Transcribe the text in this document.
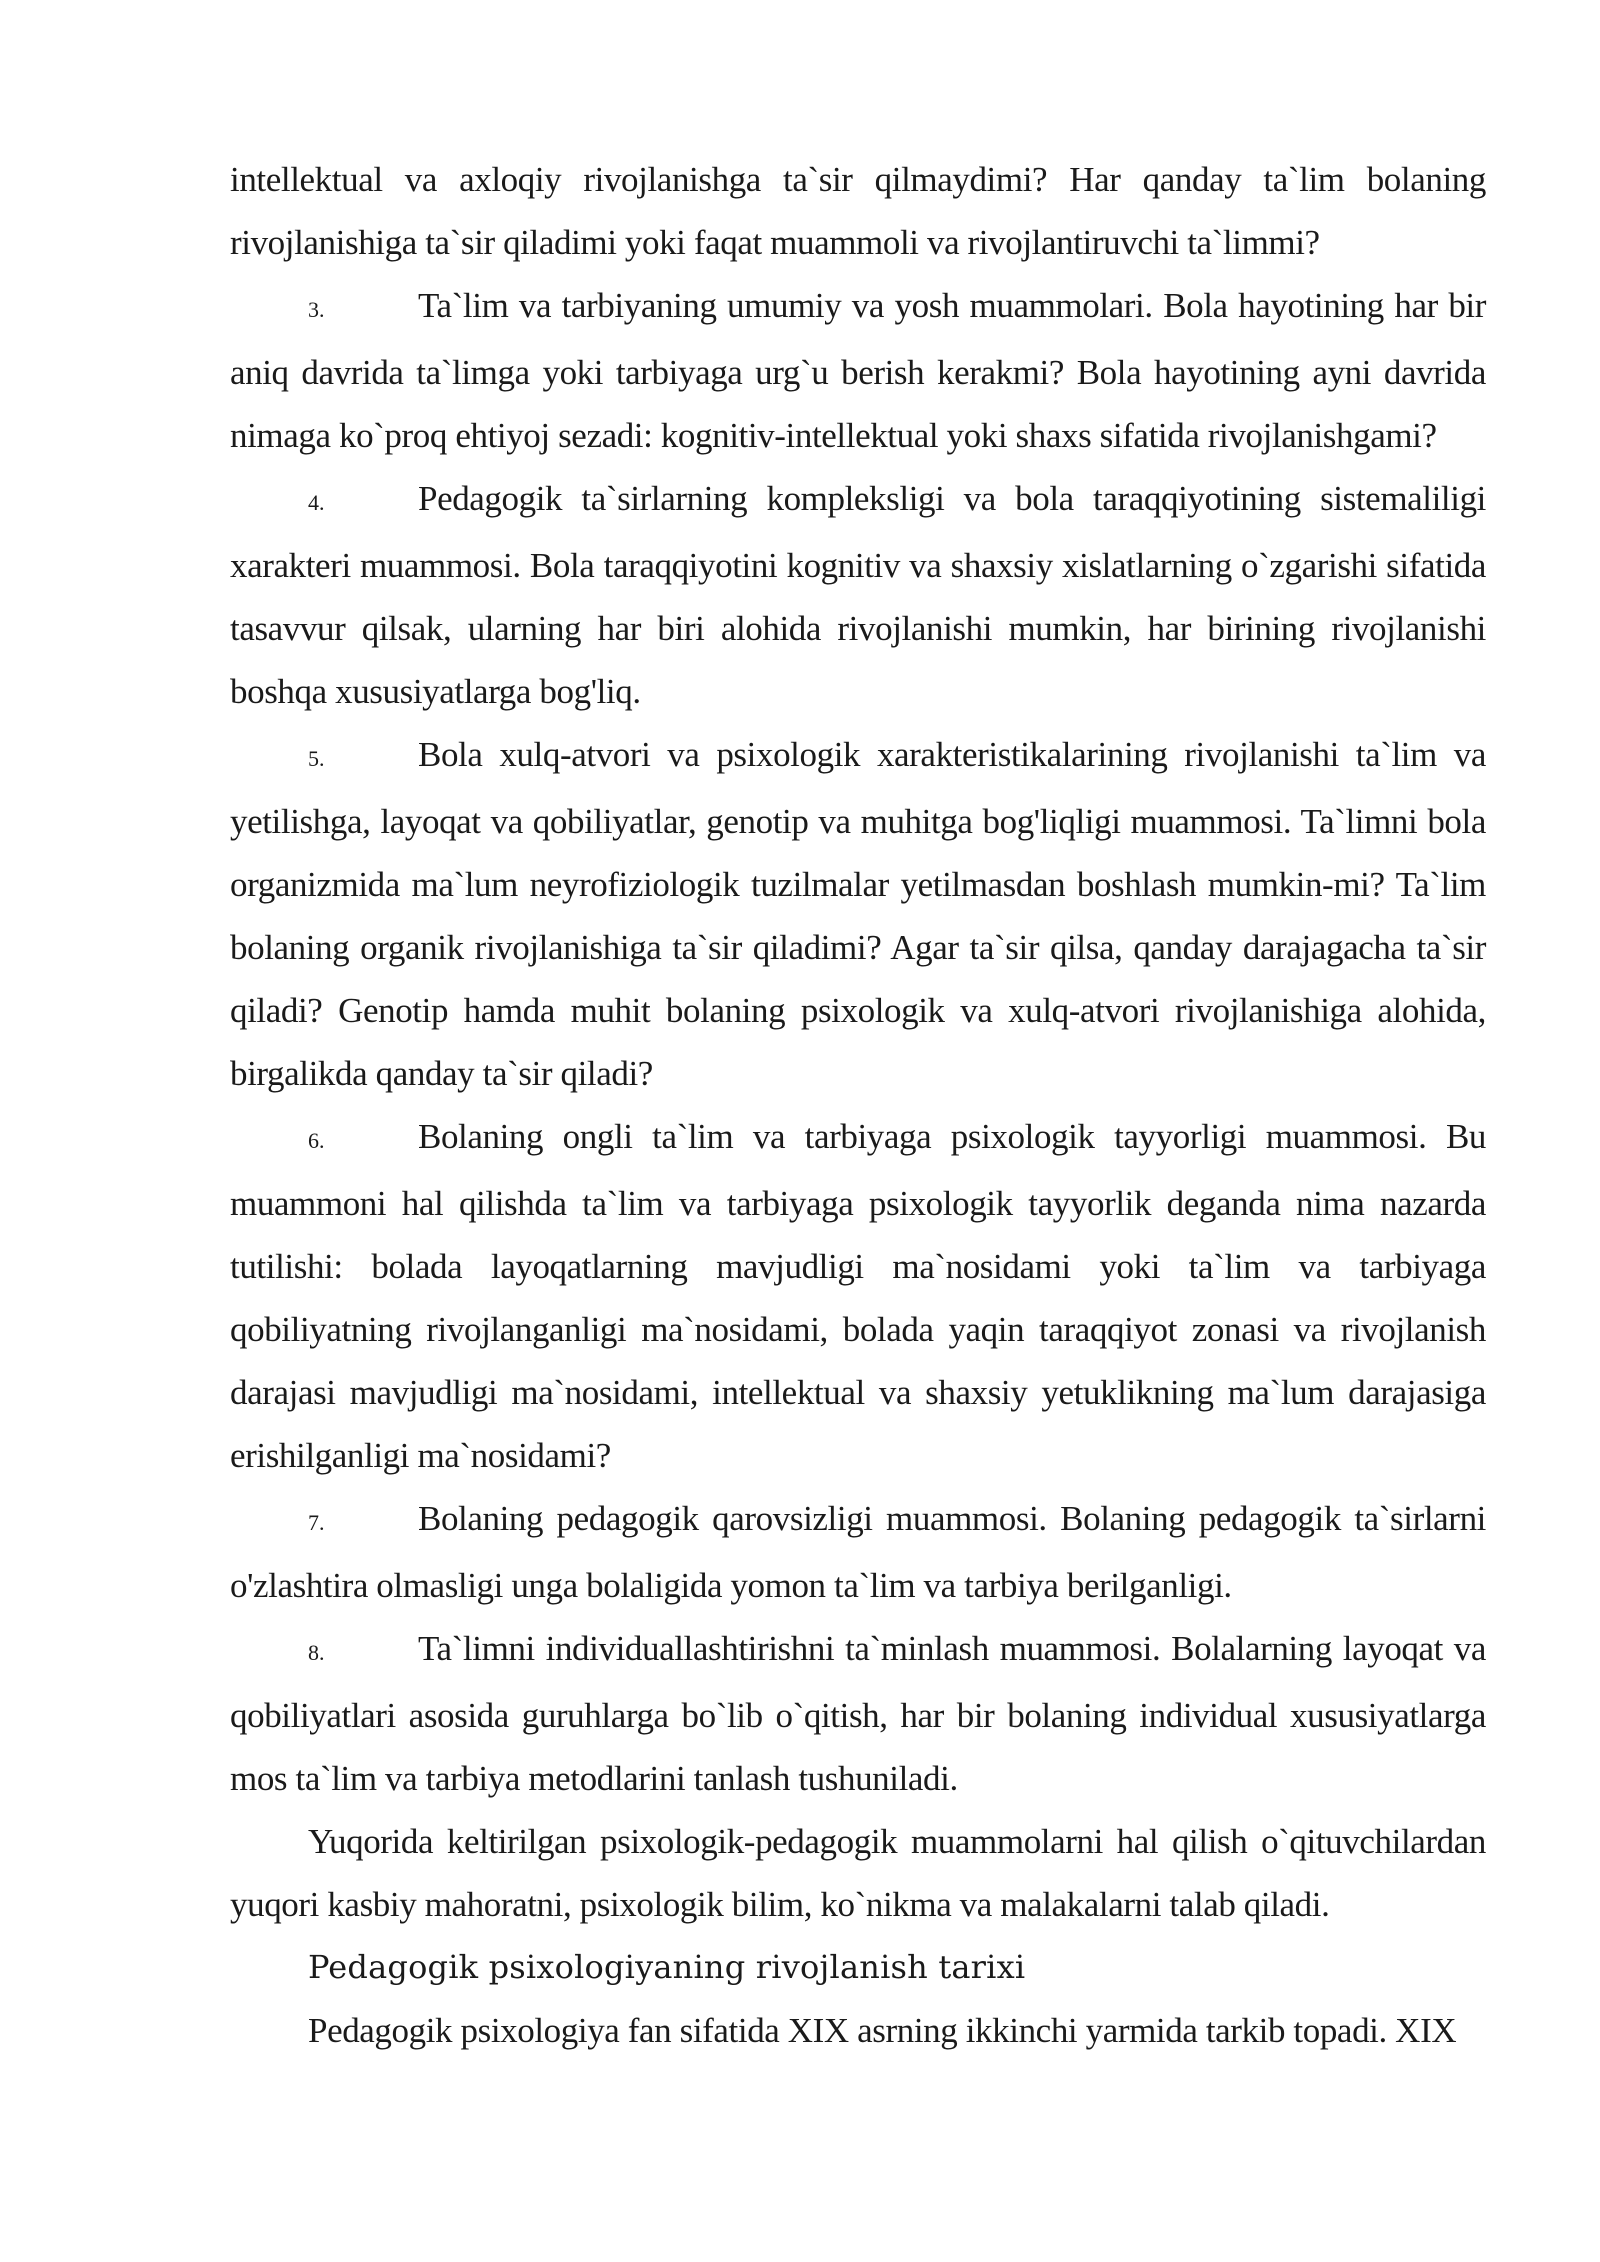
intellektual va axloqiy rivojlanishga ta`sir qilmaydimi? Har qanday ta`lim bolaning rivojlanishiga ta`sir qiladimi yoki faqat muammoli va rivojlantiruvchi ta`limmi?

3.	Ta`lim va tarbiyaning umumiy va yosh muammolari. Bola hayotining har bir aniq davrida ta`limga yoki tarbiyaga urg`u berish kerakmi? Bola hayotining ayni davrida nimaga ko`proq ehtiyoj sezadi: kognitiv-intellektual yoki shaxs sifatida rivojlanishgami?

4.	Pedagogik ta`sirlarning kompleksligi va bola taraqqiyotining sistemaliligi xarakteri muammosi. Bola taraqqiyotini kognitiv va shaxsiy xislatlarning o`zgarishi sifatida tasavvur qilsak, ularning har biri alohida rivojlanishi mumkin, har birining rivojlanishi boshqa xususiyatlarga bog'liq.

5.	Bola xulq-atvori va psixologik xarakteristikalarining rivojlanishi ta`lim va yetilishga, layoqat va qobiliyatlar, genotip va muhitga bog'liqligi muammosi. Ta`limni bola organizmida ma`lum neyrofiziologik tuzilmalar yetilmasdan boshlash mumkin-mi? Ta`lim bolaning organik rivojlanishiga ta`sir qiladimi? Agar ta`sir qilsa, qanday darajagacha ta`sir qiladi? Genotip hamda muhit bolaning psixologik va xulq-atvori rivojlanishiga alohida, birgalikda qanday ta`sir qiladi?

6.	Bolaning ongli ta`lim va tarbiyaga psixologik tayyorligi muammosi. Bu muammoni hal qilishda ta`lim va tarbiyaga psixologik tayyorlik deganda nima nazarda tutilishi: bolada layoqatlarning mavjudligi ma`nosidami yoki ta`lim va tarbiyaga qobiliyatning rivojlanganligi ma`nosidami, bolada yaqin taraqqiyot zonasi va rivojlanish darajasi mavjudligi ma`nosidami, intellektual va shaxsiy yetuklikning ma`lum darajasiga erishilganligi ma`nosidami?

7.	Bolaning pedagogik qarovsizligi muammosi. Bolaning pedagogik ta`sirlarni o'zlashtira olmasligi unga bolaligida yomon ta`lim va tarbiya berilganligi.

8.	Ta`limni individuallashtirishni ta`minlash muammosi. Bolalarning layoqat va qobiliyatlari asosida guruhlarga bo`lib o`qitish, har bir bolaning individual xususiyatlarga mos ta`lim va tarbiya metodlarini tanlash tushuniladi.

Yuqorida keltirilgan psixologik-pedagogik muammolarni hal qilish o`qituvchilardan yuqori kasbiy mahoratni, psixologik bilim, ko`nikma va malakalarni talab qiladi.

Pedagogik psixologiyaning rivojlanish tarixi

Pedagogik psixologiya fan sifatida XIX asrning ikkinchi yarmida tarkib topadi. XIX
